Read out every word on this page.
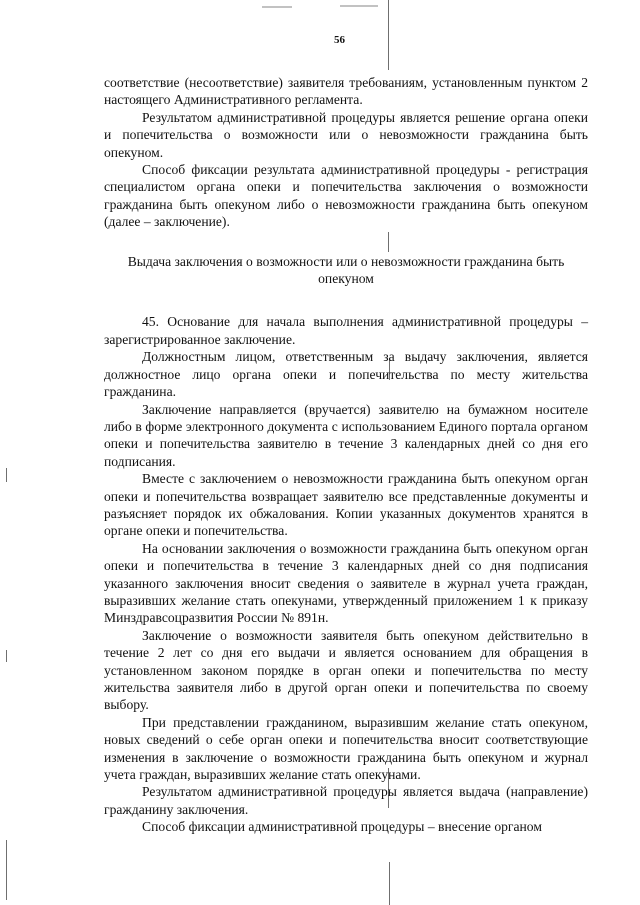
56

соответствие (несоответствие) заявителя требованиям, установленным пунктом 2 настоящего Административного регламента.

Результатом административной процедуры является решение органа опеки и попечительства о возможности или о невозможности гражданина быть опекуном.

Способ фиксации результата административной процедуры - регистрация специалистом органа опеки и попечительства заключения о возможности гражданина быть опекуном либо о невозможности гражданина быть опекуном (далее – заключение).

Выдача заключения о возможности или о невозможности гражданина быть опекуном

45. Основание для начала выполнения административной процедуры – зарегистрированное заключение.

Должностным лицом, ответственным за выдачу заключения, является должностное лицо органа опеки и попечительства по месту жительства гражданина.

Заключение направляется (вручается) заявителю на бумажном носителе либо в форме электронного документа с использованием Единого портала органом опеки и попечительства заявителю в течение 3 календарных дней со дня его подписания.

Вместе с заключением о невозможности гражданина быть опекуном орган опеки и попечительства возвращает заявителю все представленные документы и разъясняет порядок их обжалования. Копии указанных документов хранятся в органе опеки и попечительства.

На основании заключения о возможности гражданина быть опекуном орган опеки и попечительства в течение 3 календарных дней со дня подписания указанного заключения вносит сведения о заявителе в журнал учета граждан, выразивших желание стать опекунами, утвержденный приложением 1 к приказу Минздравсоцразвития России № 891н.

Заключение о возможности заявителя быть опекуном действительно в течение 2 лет со дня его выдачи и является основанием для обращения в установленном законом порядке в орган опеки и попечительства по месту жительства заявителя либо в другой орган опеки и попечительства по своему выбору.

При представлении гражданином, выразившим желание стать опекуном, новых сведений о себе орган опеки и попечительства вносит соответствующие изменения в заключение о возможности гражданина быть опекуном и журнал учета граждан, выразивших желание стать опекунами.

Результатом административной процедуры является выдача (направление) гражданину заключения.

Способ фиксации административной процедуры – внесение органом
